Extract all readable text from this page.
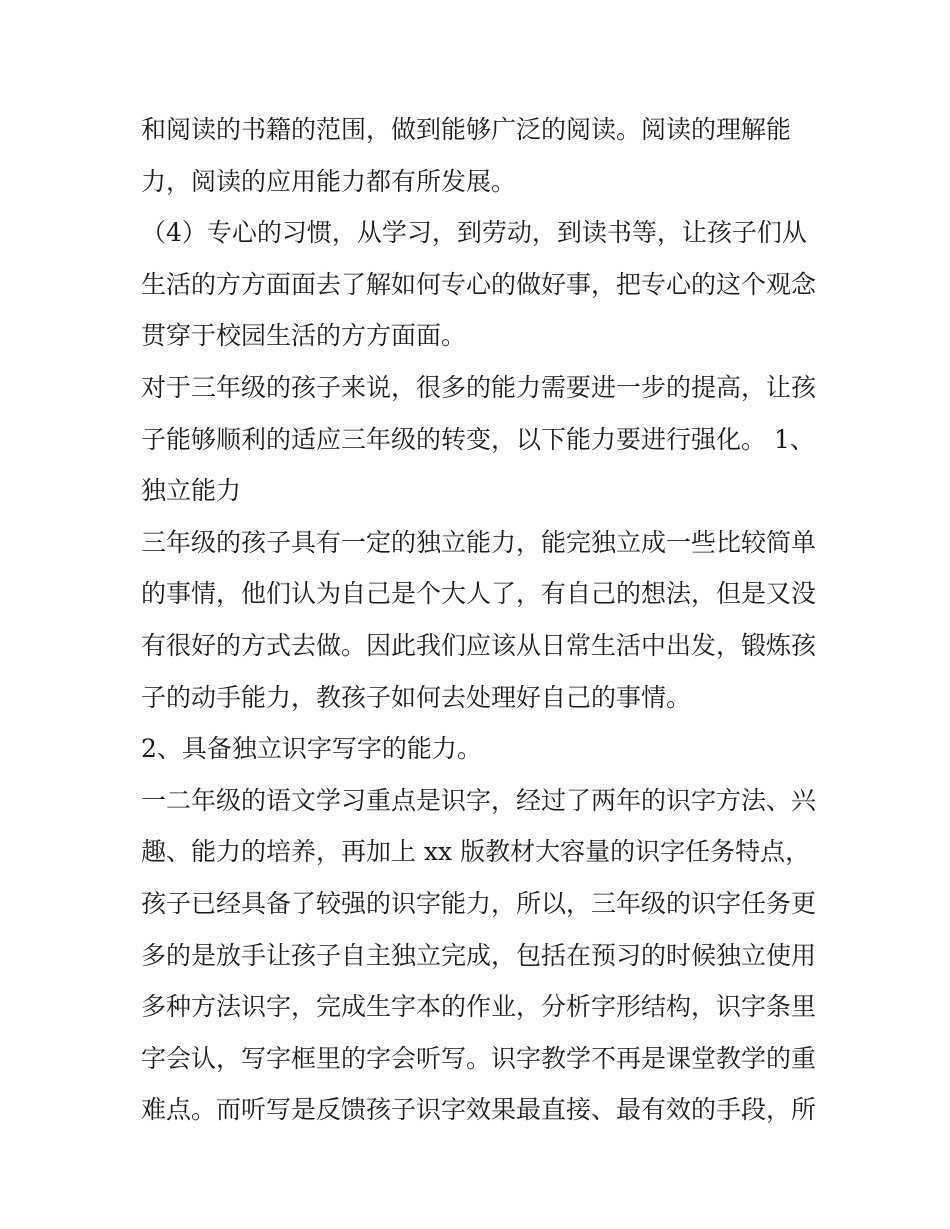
和阅读的书籍的范围，做到能够广泛的阅读。阅读的理解能
力，阅读的应用能力都有所发展。
（4）专心的习惯，从学习，到劳动，到读书等，让孩子们从
生活的方方面面去了解如何专心的做好事，把专心的这个观念
贯穿于校园生活的方方面面。
对于三年级的孩子来说，很多的能力需要进一步的提高，让孩
子能够顺利的适应三年级的转变，以下能力要进行强化。 1、
独立能力
三年级的孩子具有一定的独立能力，能完独立成一些比较简单
的事情，他们认为自己是个大人了，有自己的想法，但是又没
有很好的方式去做。因此我们应该从日常生活中出发，锻炼孩
子的动手能力，教孩子如何去处理好自己的事情。
2、具备独立识字写字的能力。
一二年级的语文学习重点是识字，经过了两年的识字方法、兴
趣、能力的培养，再加上 xx 版教材大容量的识字任务特点，
孩子已经具备了较强的识字能力，所以，三年级的识字任务更
多的是放手让孩子自主独立完成，包括在预习的时候独立使用
多种方法识字，完成生字本的作业，分析字形结构，识字条里
字会认，写字框里的字会听写。识字教学不再是课堂教学的重
难点。而听写是反馈孩子识字效果最直接、最有效的手段，所
